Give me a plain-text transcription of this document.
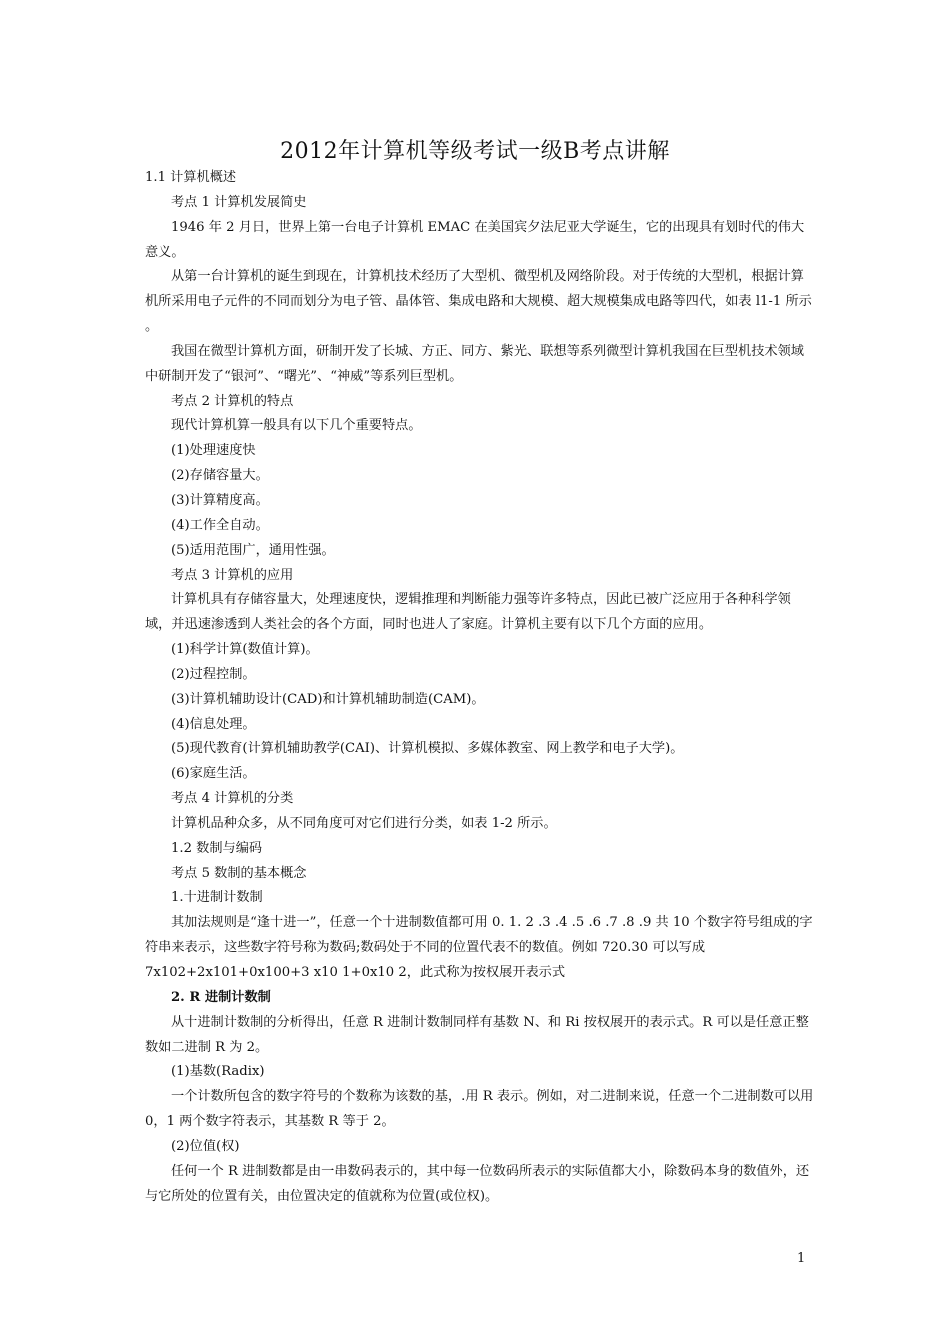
2012年计算机等级考试一级B考点讲解

1.1 计算机概述

考点 1 计算机发展简史

1946 年 2 月日，世界上第一台电子计算机 EMAC 在美国宾夕法尼亚大学诞生，它的出现具有划时代的伟大意义。

从第一台计算机的诞生到现在，计算机技术经历了大型机、微型机及网络阶段。对于传统的大型机，根据计算机所采用电子元件的不同而划分为电子管、晶体管、集成电路和大规模、超大规模集成电路等四代，如表 l1-1 所示 。

我国在微型计算机方面，研制开发了长城、方正、同方、紫光、联想等系列微型计算机我国在巨型机技术领域中研制开发了“银河”、“曙光”、“神威”等系列巨型机。

考点 2 计算机的特点

现代计算机算一般具有以下几个重要特点。

(1)处理速度快

(2)存储容量大。

(3)计算精度高。

(4)工作全自动。

(5)适用范围广，通用性强。

考点 3 计算机的应用

计算机具有存储容量大，处理速度快，逻辑推理和判断能力强等许多特点，因此已被广泛应用于各种科学领域，并迅速渗透到人类社会的各个方面，同时也进人了家庭。计算机主要有以下几个方面的应用。

(1)科学计算(数值计算)。

(2)过程控制。

(3)计算机辅助设计(CAD)和计算机辅助制造(CAM)。

(4)信息处理。

(5)现代教育(计算机辅助教学(CAI)、计算机模拟、多媒体教室、网上教学和电子大学)。

(6)家庭生活。

考点 4 计算机的分类

计算机品种众多，从不同角度可对它们进行分类，如表 1-2 所示。

1.2 数制与编码

考点 5 数制的基本概念

1.十进制计数制

其加法规则是“逢十进一”，任意一个十进制数值都可用 0. 1. 2 .3 .4 .5 .6 .7 .8 .9 共 10 个数字符号组成的字符串来表示，这些数字符号称为数码;数码处于不同的位置代表不的数值。例如 720.30 可以写成

7x102+2x101+0x100+3 x10 1+0x10 2，此式称为按权展开表示式

2. R 进制计数制

从十进制计数制的分析得出，任意 R 进制计数制同样有基数 N、和 Ri 按权展开的表示式。R 可以是任意正整数如二进制 R 为 2。

(1)基数(Radix)

一个计数所包含的数字符号的个数称为该数的基，.用 R 表示。例如，对二进制来说，任意一个二进制数可以用 0，1 两个数字符表示，其基数 R 等于 2。

(2)位值(权)

任何一个 R 进制数都是由一串数码表示的，其中每一位数码所表示的实际值都大小，除数码本身的数值外，还与它所处的位置有关，由位置决定的值就称为位置(或位权)。

1
